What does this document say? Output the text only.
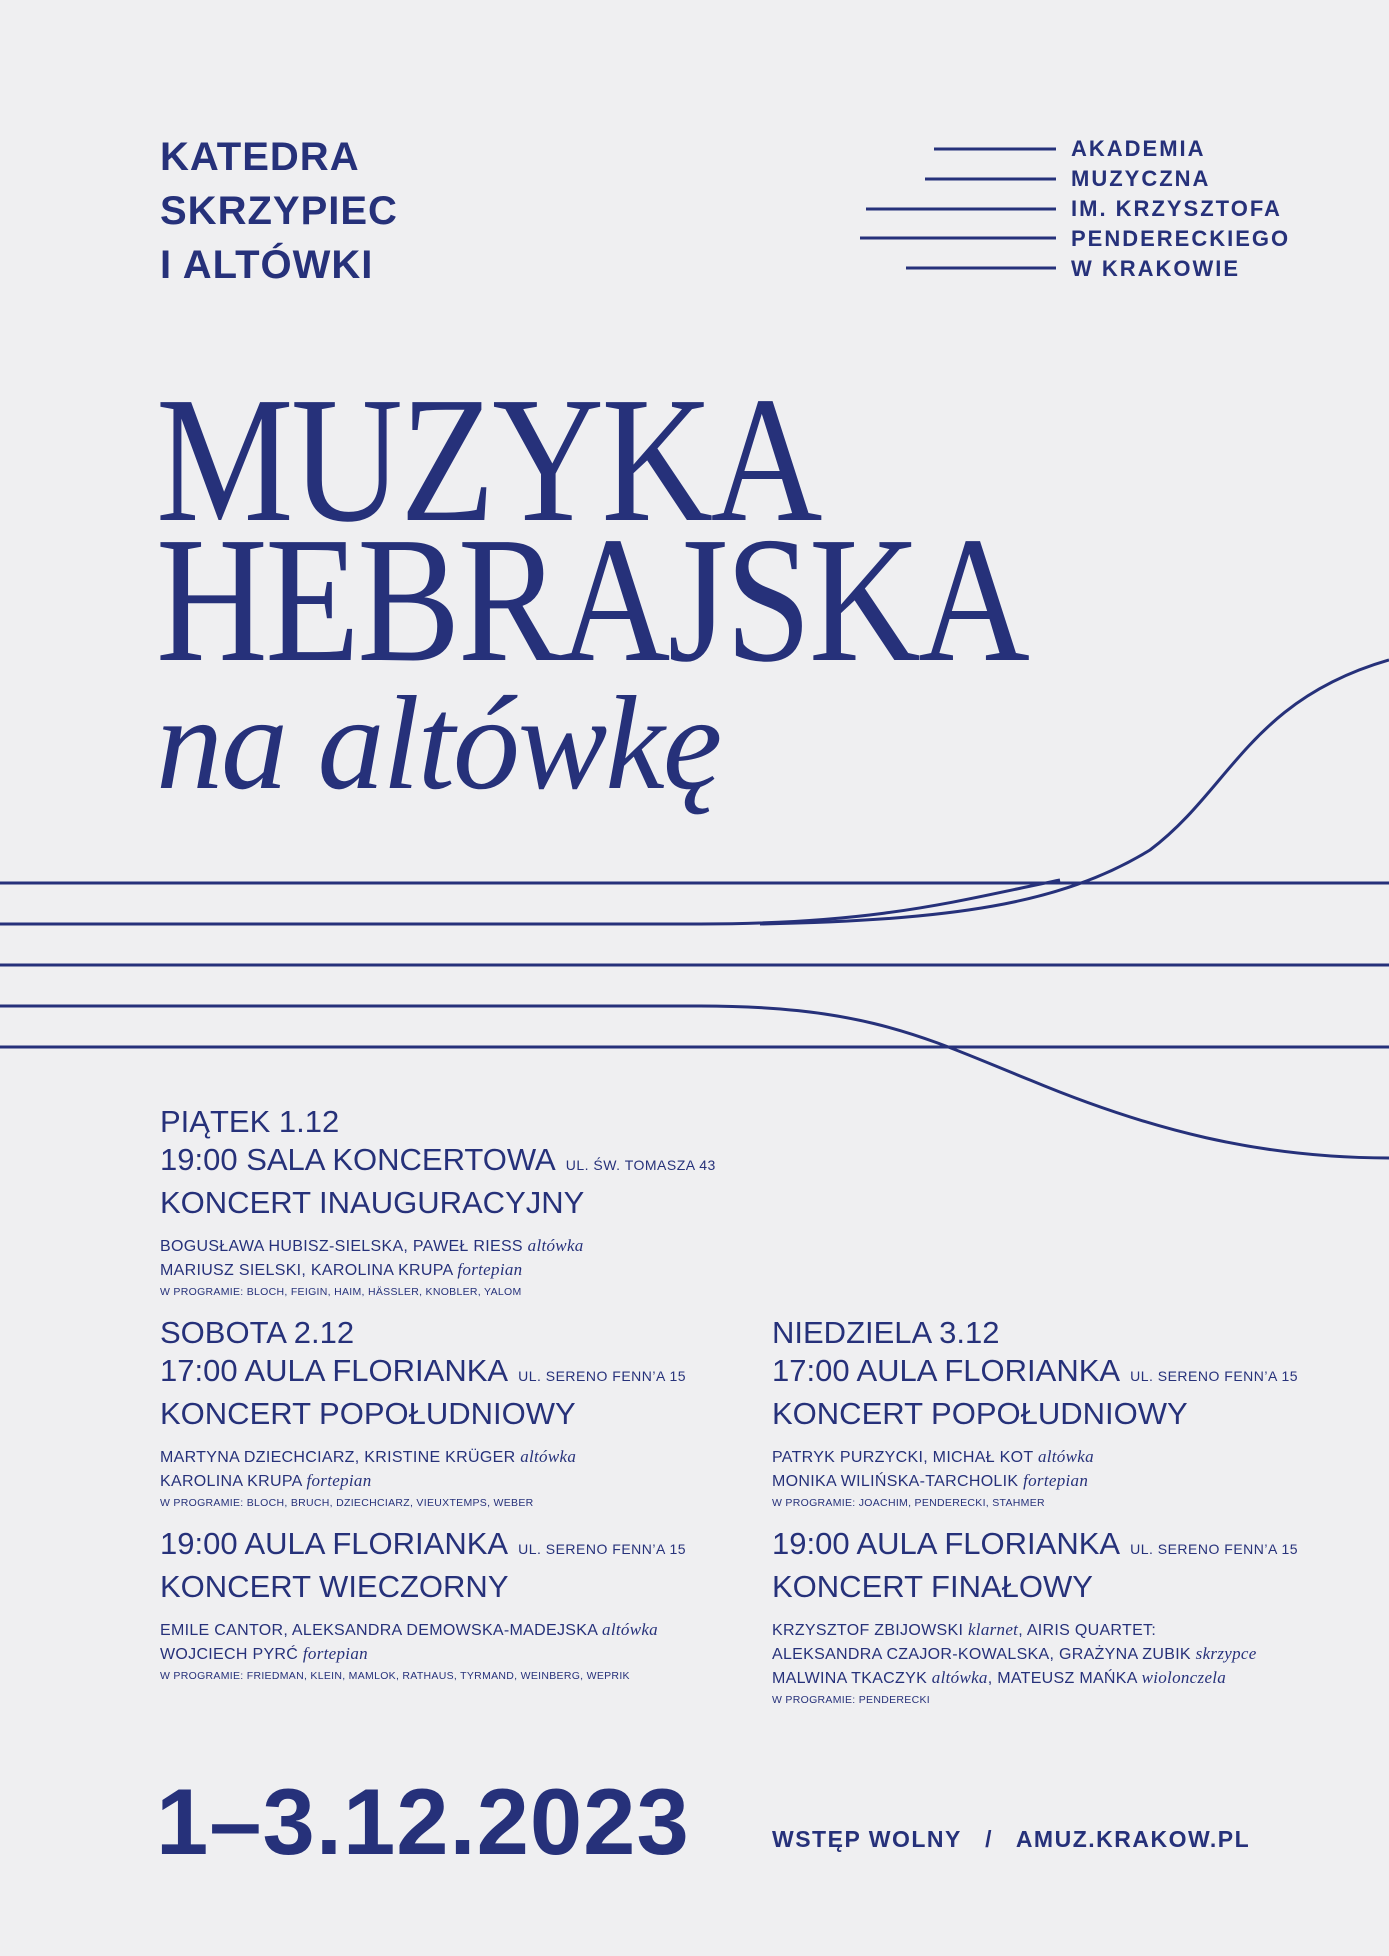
KATEDRA
SKRZYPIEC
I ALTÓWKI
AKADEMIA
MUZYCZNA
IM. KRZYSZTOFA
PENDERECKIEGO
W KRAKOWIE
MUZYKA
HEBRAJSKA
na altówkę
PIĄTEK 1.12
19:00 SALA KONCERTOWA UL. ŚW. TOMASZA 43
KONCERT INAUGURACYJNY
BOGUSŁAWA HUBISZ-SIELSKA, PAWEŁ RIESS altówka
MARIUSZ SIELSKI, KAROLINA KRUPA fortepian
W PROGRAMIE: BLOCH, FEIGIN, HAIM, HÄSSLER, KNOBLER, YALOM
SOBOTA 2.12
17:00 AULA FLORIANKA UL. SERENO FENN’A 15
KONCERT POPOŁUDNIOWY
MARTYNA DZIECHCIARZ, KRISTINE KRÜGER altówka
KAROLINA KRUPA fortepian
W PROGRAMIE: BLOCH, BRUCH, DZIECHCIARZ, VIEUXTEMPS, WEBER
19:00 AULA FLORIANKA UL. SERENO FENN’A 15
KONCERT WIECZORNY
EMILE CANTOR, ALEKSANDRA DEMOWSKA-MADEJSKA altówka
WOJCIECH PYRĆ fortepian
W PROGRAMIE: FRIEDMAN, KLEIN, MAMLOK, RATHAUS, TYRMAND, WEINBERG, WEPRIK
NIEDZIELA 3.12
17:00 AULA FLORIANKA UL. SERENO FENN’A 15
KONCERT POPOŁUDNIOWY
PATRYK PURZYCKI, MICHAŁ KOT altówka
MONIKA WILIŃSKA-TARCHOLIK fortepian
W PROGRAMIE: JOACHIM, PENDERECKI, STAHMER
19:00 AULA FLORIANKA UL. SERENO FENN’A 15
KONCERT FINAŁOWY
KRZYSZTOF ZBIJOWSKI klarnet, AIRIS QUARTET:
ALEKSANDRA CZAJOR-KOWALSKA, GRAŻYNA ZUBIK skrzypce
MALWINA TKACZYK altówka, MATEUSZ MAŃKA wiolonczela
W PROGRAMIE: PENDERECKI
1–3.12.2023	WSTĘP WOLNY   /   AMUZ.KRAKOW.PL
